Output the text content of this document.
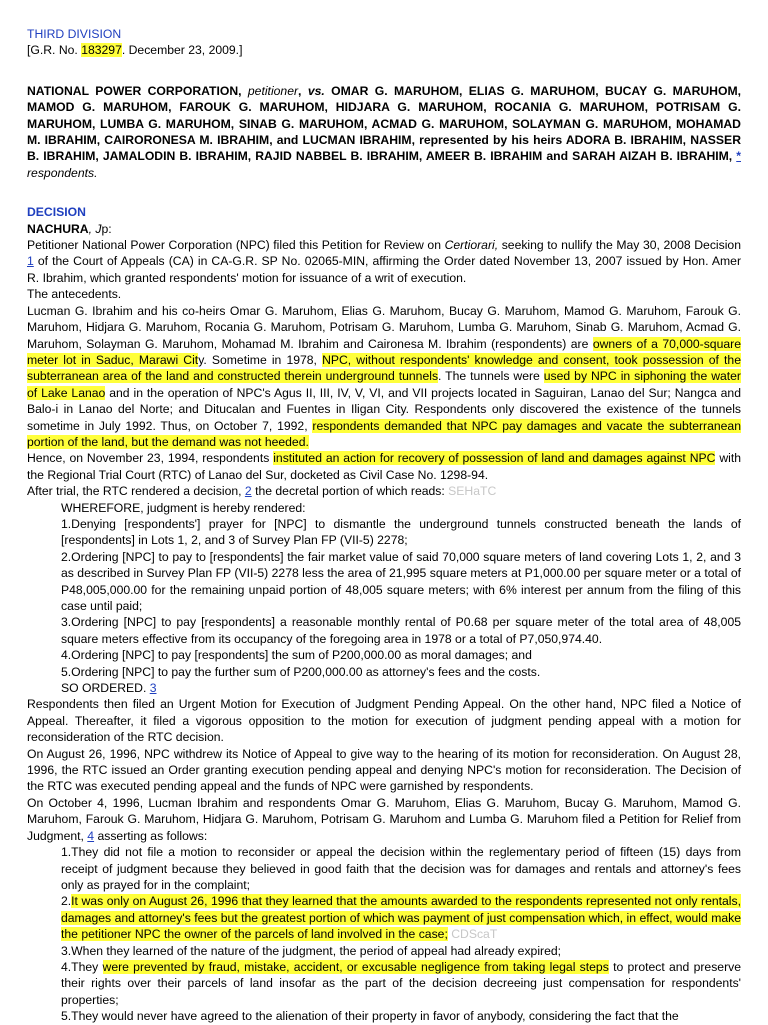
THIRD DIVISION

[G.R. No. 183297. December 23, 2009.]

NATIONAL POWER CORPORATION, petitioner, vs. OMAR G. MARUHOM, ELIAS G. MARUHOM, BUCAY G. MARUHOM, MAMOD G. MARUHOM, FAROUK G. MARUHOM, HIDJARA G. MARUHOM, ROCANIA G. MARUHOM, POTRISAM G. MARUHOM, LUMBA G. MARUHOM, SINAB G. MARUHOM, ACMAD G. MARUHOM, SOLAYMAN G. MARUHOM, MOHAMAD M. IBRAHIM, CAIRORONESA M. IBRAHIM, and LUCMAN IBRAHIM, represented by his heirs ADORA B. IBRAHIM, NASSER B. IBRAHIM, JAMALODIN B. IBRAHIM, RAJID NABBEL B. IBRAHIM, AMEER B. IBRAHIM and SARAH AIZAH B. IBRAHIM, * respondents.

DECISION

NACHURA, Jp:

Petitioner National Power Corporation (NPC) filed this Petition for Review on Certiorari, seeking to nullify the May 30, 2008 Decision 1 of the Court of Appeals (CA) in CA-G.R. SP No. 02065-MIN, affirming the Order dated November 13, 2007 issued by Hon. Amer R. Ibrahim, which granted respondents' motion for issuance of a writ of execution.

The antecedents.

Lucman G. Ibrahim and his co-heirs Omar G. Maruhom, Elias G. Maruhom, Bucay G. Maruhom, Mamod G. Maruhom, Farouk G. Maruhom, Hidjara G. Maruhom, Rocania G. Maruhom, Potrisam G. Maruhom, Lumba G. Maruhom, Sinab G. Maruhom, Acmad G. Maruhom, Solayman G. Maruhom, Mohamad M. Ibrahim and Caironesa M. Ibrahim (respondents) are owners of a 70,000-square meter lot in Saduc, Marawi City. Sometime in 1978, NPC, without respondents' knowledge and consent, took possession of the subterranean area of the land and constructed therein underground tunnels. The tunnels were used by NPC in siphoning the water of Lake Lanao and in the operation of NPC's Agus II, III, IV, V, VI, and VII projects located in Saguiran, Lanao del Sur; Nangca and Balo-i in Lanao del Norte; and Ditucalan and Fuentes in Iligan City. Respondents only discovered the existence of the tunnels sometime in July 1992. Thus, on October 7, 1992, respondents demanded that NPC pay damages and vacate the subterranean portion of the land, but the demand was not heeded.

Hence, on November 23, 1994, respondents instituted an action for recovery of possession of land and damages against NPC with the Regional Trial Court (RTC) of Lanao del Sur, docketed as Civil Case No. 1298-94.

After trial, the RTC rendered a decision, 2 the decretal portion of which reads: SEHaTC

WHEREFORE, judgment is hereby rendered:

1.Denying [respondents'] prayer for [NPC] to dismantle the underground tunnels constructed beneath the lands of [respondents] in Lots 1, 2, and 3 of Survey Plan FP (VII-5) 2278;

2.Ordering [NPC] to pay to [respondents] the fair market value of said 70,000 square meters of land covering Lots 1, 2, and 3 as described in Survey Plan FP (VII-5) 2278 less the area of 21,995 square meters at P1,000.00 per square meter or a total of P48,005,000.00 for the remaining unpaid portion of 48,005 square meters; with 6% interest per annum from the filing of this case until paid;

3.Ordering [NPC] to pay [respondents] a reasonable monthly rental of P0.68 per square meter of the total area of 48,005 square meters effective from its occupancy of the foregoing area in 1978 or a total of P7,050,974.40.

4.Ordering [NPC] to pay [respondents] the sum of P200,000.00 as moral damages; and

5.Ordering [NPC] to pay the further sum of P200,000.00 as attorney's fees and the costs.

SO ORDERED. 3

Respondents then filed an Urgent Motion for Execution of Judgment Pending Appeal. On the other hand, NPC filed a Notice of Appeal. Thereafter, it filed a vigorous opposition to the motion for execution of judgment pending appeal with a motion for reconsideration of the RTC decision.

On August 26, 1996, NPC withdrew its Notice of Appeal to give way to the hearing of its motion for reconsideration. On August 28, 1996, the RTC issued an Order granting execution pending appeal and denying NPC's motion for reconsideration. The Decision of the RTC was executed pending appeal and the funds of NPC were garnished by respondents.

On October 4, 1996, Lucman Ibrahim and respondents Omar G. Maruhom, Elias G. Maruhom, Bucay G. Maruhom, Mamod G. Maruhom, Farouk G. Maruhom, Hidjara G. Maruhom, Potrisam G. Maruhom and Lumba G. Maruhom filed a Petition for Relief from Judgment, 4 asserting as follows:

1.They did not file a motion to reconsider or appeal the decision within the reglementary period of fifteen (15) days from receipt of judgment because they believed in good faith that the decision was for damages and rentals and attorney's fees only as prayed for in the complaint;

2.It was only on August 26, 1996 that they learned that the amounts awarded to the respondents represented not only rentals, damages and attorney's fees but the greatest portion of which was payment of just compensation which, in effect, would make the petitioner NPC the owner of the parcels of land involved in the case; CDScaT

3.When they learned of the nature of the judgment, the period of appeal had already expired;

4.They were prevented by fraud, mistake, accident, or excusable negligence from taking legal steps to protect and preserve their rights over their parcels of land insofar as the part of the decision decreeing just compensation for respondents' properties;

5.They would never have agreed to the alienation of their property in favor of anybody, considering the fact that the
